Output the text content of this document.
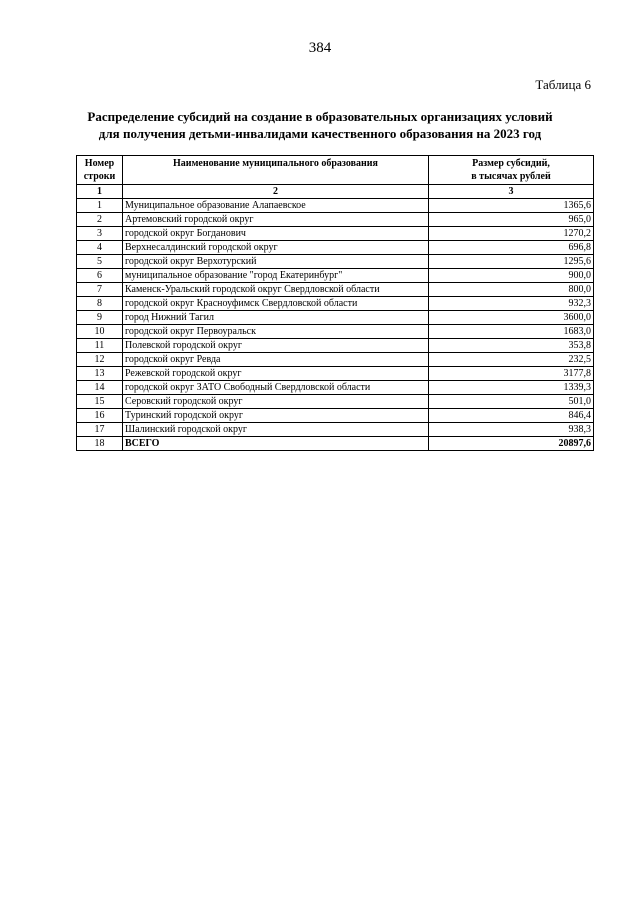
384
Таблица 6
Распределение субсидий на создание в образовательных организациях условий
для получения детьми-инвалидами качественного образования на 2023 год
Номер
строки	Наименование муниципального образования	Размер субсидий,
в тысячах рублей

1	2	3
1	Муниципальное образование Алапаевское	1365,6
2	Артемовский городской округ	965,0
3	городской округ Богданович	1270,2
4	Верхнесалдинский городской округ	696,8
5	городской округ Верхотурский	1295,6
6	муниципальное образование "город Екатеринбург"	900,0
7	Каменск-Уральский городской округ Свердловской области	800,0
8	городской округ Красноуфимск Свердловской области	932,3
9	город Нижний Тагил	3600,0
10	городской округ Первоуральск	1683,0
11	Полевской городской округ	353,8
12	городской округ Ревда	232,5
13	Режевской городской округ	3177,8
14	городской округ ЗАТО Свободный Свердловской области	1339,3
15	Серовский городской округ	501,0
16	Туринский городской округ	846,4
17	Шалинский городской округ	938,3
18	ВСЕГО	20897,6
